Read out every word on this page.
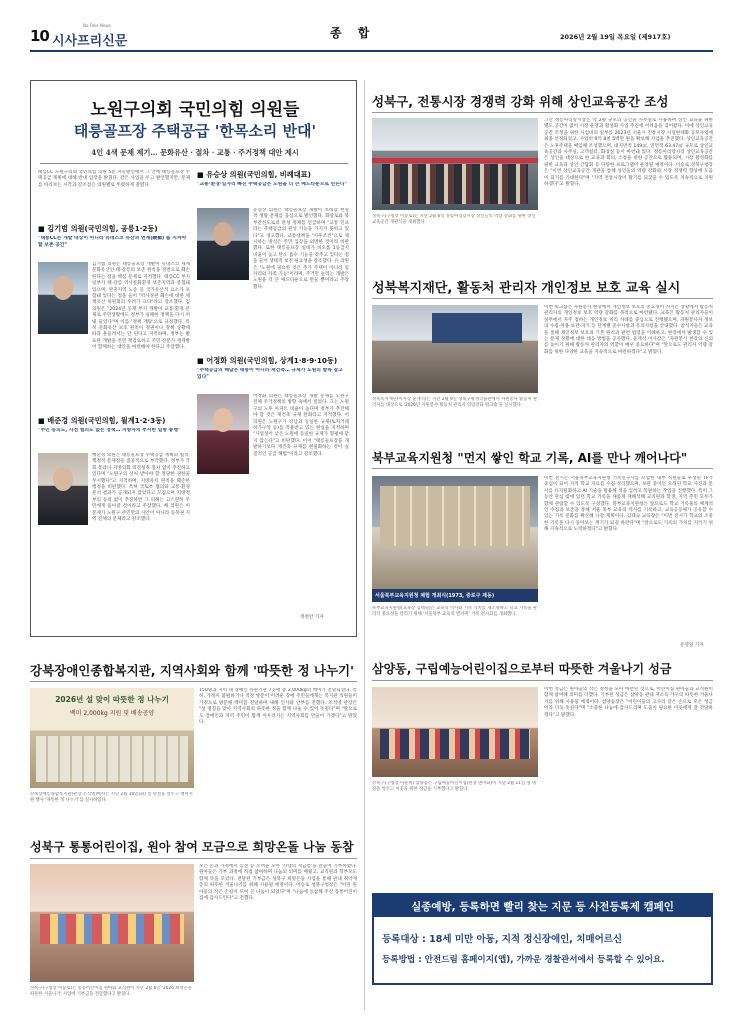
10 시사프리신문
No Fake News
종 합	2026년 2월 19일 목요일 (제917호)
노원구의회 국민의힘 의원들
태릉골프장 주택공급 '한목소리 반대'
4인 4색 문제 제기… 문화유산 · 절차 · 교통 · 주거정책 대안 제시
태릉CC 노원구의회 국민의힘 의원 5분 자유발언에서 그 안에 태릉골프장 주택공급 계획에 대해 반대 입장을 밝혔다. 같은 사업을 두고 발언했지만, 문제를 바라보는 시각과 강조점은 의원별로 뚜렷하게 갈렸다.
■ 김기범 의원(국민의힘, 공릉1·2동)
"태릉CC는 개발 대상이 아니라 유네스코 유산과 연계(緩衝) 를 지켜야 할 보존 공간"
김기범 의원은 태릉골프장 개발이 유네스코 세계문화유산인 태·강릉의 보존 원칙을 정면으로 훼손한다는 점을 핵심 문제로 지적했다. 태릉CC 부지 일부가 태·강릉 역사문화환경 보존지역과 중첩돼 있으며, 완충지역 노송 등 국가유산적 요소가 포함돼 있다는 점을 들어 "역사경관 훼손에 대한 세계유산 위원회의 우려가 크다"라고 강조했다. 김 의원은 "2024년 등재 부지 개발이 교통·환경 문제로 주민생활에도 정부가 실패한 정책을 다시 꺼내 들었다"며 이를 '정책 재탕'으로 규정했다. 특히 문화유산 보호 원칙이 정권이나 정책 상황에 따라 흔들려서는 안 된다고 지적하며, 정부는 발표한 개발을 전면 재검토하고 주민·전문가·재개발이 함께하는 대안을 마련해야 한다고 주장했다.
■ 배준경 의원(국민의힘, 월계1·2·3동)
"주민 동의도, 사전 협의도 없는 정책… 지방자치 부시한 일방 통행"
배준경 의원은 태릉골프장 주택공급 계획의 법적·행정적 문제점을 집중적으로 부각했다. 정부가 국회 통과나 지방의회 의견청취 절차 없이 추진하고 있다며 "노원구의 상처 받아야 할 정당한 권한을 무시했다"고 지적하며, 지방자치 원칙을 훼손한 행정을 비판했다. 특히 국토부 협의와 교통·환경 분석 결과가 공개되지 않았다고 꼬집으며 지방정부의 동의 없이 추진하면 그 피해는 고스란히 주민에게 돌아갈 것이라고 주장했다. 배 의원은 이 문제가 노원구 주민만의 사안이 아니라 동북권 지역 전체의 문제라고 강조했다.
■ 유승상 의원(국민의힘, 비례대표)
"교통·환경·일자리 빠진 주택공급은 노원을 더 큰 베드타운으로 만든다"
유승상 의원은 태릉골프장 개발이 초래할 현실적 생활 문제를 중심으로 발언했다. 화랑로와 북부간선도로의 만성 정체를 언급하며 "교통 인프라는 주택공급의 원상 기능을 가지지 못하고 있다"고 경고했다. 교통대책을 "사후조건"으로 제시하는 방식은 주민 입장을 외면한 것이라 비판했다. 또한 태릉골프장 일대가 비오톱 1등급지 비율이 높고 탄소 흡수 기능을 갖추고 있다는 점을 들어 생태적 보전 필요성을 강조했다. 유 의원은 "노원에 필요한 것은 추가 주택이 아니라 일자리와 자족 기능"이라며, 주거만 늘리는 개발은 노원을 더 큰 베드타운으로 만들 뿐이라고 주장했다.
■ 어정화 의원(국민의힘, 상계1·8·9·10동)
"주택공급의 해답은 태릉이 아니라 재건축… 규제가 노원의 발목 잡고 있다"
어정화 의원은 태릉골프장 개발 문제를 노원구 전체 주거정책의 방향 속에서 짚었다. 그는 노원구의 노후 아파트 비율이 높다며 정부가 추진해야 할 것은 재건축 규제 완화라고 지적했다. 어 의원은 노원구가 강남과 동일한 규제(토지거래허가구역 등)를 적용받고 있는 현실을 지적하며 "사업성이 낮은 노원에 동일한 규제가 형평에 맞지 않는다"고 비판했다. 이어 "태릉골프장을 개발하기보다 재건축 규제를 현실화하는 것이 실질적인 공급 해법"이라고 강조했다.
정천안 기자
성북구, 전통시장 경쟁력 강화 위해 상인교육공간 조성
성북구(구청장 이승로)는 지난 2월 6일 정릉아리랑시장 상인들의 역량 강화를 위한 상인교육공간 개관식을 개최했다.
그간 정릉아리랑시장은 약 2평 규모의 공간을 사무실로 사용하며 상인 교육을 위한 별도 공간이 없어 시장 운영과 활성화 사업 추진에 어려움을 겪어왔다. 이에 상인교육공간 조성을 위한 사업비의 일부를 2023년 서울시 전통시장 시설현대화 공모사업에 최종 선정되었고, 사업비 9억 8천 5백만 원을 확보해 사업을 추진했다. 상인교육공간은 노후주택을 매입해 조성했으며, 대지면적 149㎡, 연면적 63.47㎡ 규모로 상인교육공간과 사무실, 고객쉼터, 화장실 등이 마련돼 있다. 정릉아리랑시장 상인교육공간은 상인을 대상으로 한 교육과 회의, 소통을 위한 공간으로 활용되며, 시장 활성화를 위한 교육과 상인 간담회 등 다양한 프로그램이 운영될 예정이다. 이승로 성북구청장은 "이번 상인교육공간 개관을 통해 상인들의 역량 강화와 시장 경쟁력 향상에 도움이 되기를 기대한다"며 "지역 전통시장이 활기를 되찾을 수 있도록 지속적으로 지원하겠다"고 밝혔다.
성북복지재단, 활동처 관리자 개인정보 보호 교육 실시
성북복지재단(이사장 윤재석)은 지난 2월 9일 성북구평생학습관에서 자원봉사 활동처 관리자를 대상으로 '2026년 자원봉사 활동처 관리자 역량강화 워크숍'을 실시했다.
이번 워크숍은 자원봉사 현장에서 개인정보 보호의 중요성이 커지는 상황에서 활동처 관리자의 개인정보 보호 역량 강화를 목적으로 마련됐다. 교육은 활동처 관리자들이 실무에서 자주 접하는 개인정보 처리 사례를 중심으로 진행됐으며, 자원봉사자 정보의 수집·이용·보관·파기 등 단계별 준수사항과 유의사항을 안내했다. 참석자들은 교육을 통해 개인정보 보호의 기본 원칙과 관련 법령을 이해하고, 현장에서 발생할 수 있는 문제 상황에 대한 대응 방법을 공유했다. 윤재석 이사장은 "자원봉사 현장의 신뢰를 높이기 위해 활동처 관리자의 역할이 매우 중요하다"며 "앞으로도 관리자 역량 강화를 위한 다양한 교육을 지속적으로 마련하겠다"고 밝혔다.
북부교육지원청 "먼지 쌓인 학교 기록, AI를 만나 깨어나다"
서울북부교육지원청 체험 개최식(1973, 중로구 제동)
북부교육지원청(교육장 김태숙)은 교육의 역사와 기록 가치를 재조명하고 학교 기록물 관리의 중요성을 알리기 위해 '서울북부 교육의 발자취' 기록 전시회를 개최했다.
이번 전시는 서울북부교육지원청 기록연구사를 포함한 내부 직원들로 구성된 TF가 중심이 되어 지역 학교 자료를 수집·정리했으며, 보관 중이던 오래된 학교 사진과 문서를 디지털화하고 AI 기술을 활용해 색을 입히고 복원하는 작업을 진행했다. 특히 그동안 관심 밖에 있던 학교 기록을 새롭게 재해석해 교직원과 학생, 지역 주민 모두가 함께 관람할 수 있도록 구성했다. 북부교육지원청은 앞으로도 학교 기록물의 체계적인 수집과 보존을 통해 서울 북부 교육의 역사를 기록하고, 교육공동체가 공유할 수 있는 기록 문화를 확산해 나갈 계획이다. 김태숙 교육장은 "이번 전시가 학교의 소중한 기록을 다시 돌아보는 계기가 되길 바란다"며 "앞으로도 기록의 가치를 지키기 위해 지속적으로 노력하겠다"고 밝혔다.
유영일 기자
강북장애인종합복지관, 지역사회와 함께 '따뜻한 정 나누기'
2026년 설 맞이 따뜻한 정 나누기
백미 2,000kg 지원 및 배송공양
강북장애인종합복지관(관장 조석영)에서는 지난 2월 10일(화) 설 명절을 앞두고 백미지원 행사 '따뜻한 정 나누기'를 실시하였다.
150명과 지역 내 장애인 유관기관 7곳에 총 2,000kg의 백미가 전달되었다. 특히, 가정이 불편하거나 적정 방문이 어려운 장애 주민들에게는 복지관 직원들이 가정으로 방문해 백미를 전달하며 새해 인사와 안부를 전했다. 조석영 관장은 "설 명절을 맞아 지역사회의 따뜻한 정을 함께 나눌 수 있어 뜻깊다"며 "앞으로도 장애인과 지역 주민이 함께 어우러지는 지역사회를 만들어 가겠다"고 밝혔다.
성북구 통통어린이집, 원아 참여 모금으로 희망온돌 나눔 동참
성북구(구청장 이승로)는 통통어린이집 원아와 교직원이 지난 2월 6일 '2026 희망온돌 따뜻한 겨울나기' 사업에 기부금을 전달했다고 밝혔다.
모은 돈과 가정에서 동전 등 소액을 모아 '사랑의 저금통'을 만들어 기부하였다. 원아들은 기부 과정에 직접 참여하며 나눔의 의미를 배웠고, 교직원과 학부모도 함께 뜻을 모았다. 전달된 기부금은 성북구 희망온돌 사업을 통해 관내 취약계층의 따뜻한 겨울나기를 위해 사용될 예정이다. 이승로 성북구청장은 "어린 원아들의 작은 손길이 모여 큰 나눔이 되었다"며 "나눔에 동참해 주신 통통어린이집에 감사드린다"고 전했다.
삼양동, 구립예능어린이집으로부터 따뜻한 겨울나기 성금
강북구(구청장 이순희) 삼양동은 구립예능어린이집(원장 변미화)이 지난 2월 11일 설 명절을 앞두고 이웃을 위한 성금을 기부했다고 밝혔다.
이번 성금은 원아들의 작은 정성을 모아 마련된 것으로, 어린이집 원아들과 교직원이 함께 참여해 의미를 더했다. 기부된 성금은 삼양동 관내 저소득 가구의 따뜻한 겨울나기를 위해 사용될 예정이다. 삼양동장은 "어린이들의 고사리 같은 손으로 모은 성금이라 더욱 뜻깊다"며 "소중한 나눔에 감사드리며 도움이 필요한 이웃에게 잘 전달하겠다"고 말했다.
실종예방, 등록하면 빨리 찾는 지문 등 사전등록제 캠페인
등록대상 : 18세 미만 아동, 지적 정신장애인, 치매어르신
등록방법 : 안전드림 홈페이지(앱), 가까운 경찰관서에서 등록할 수 있어요.
